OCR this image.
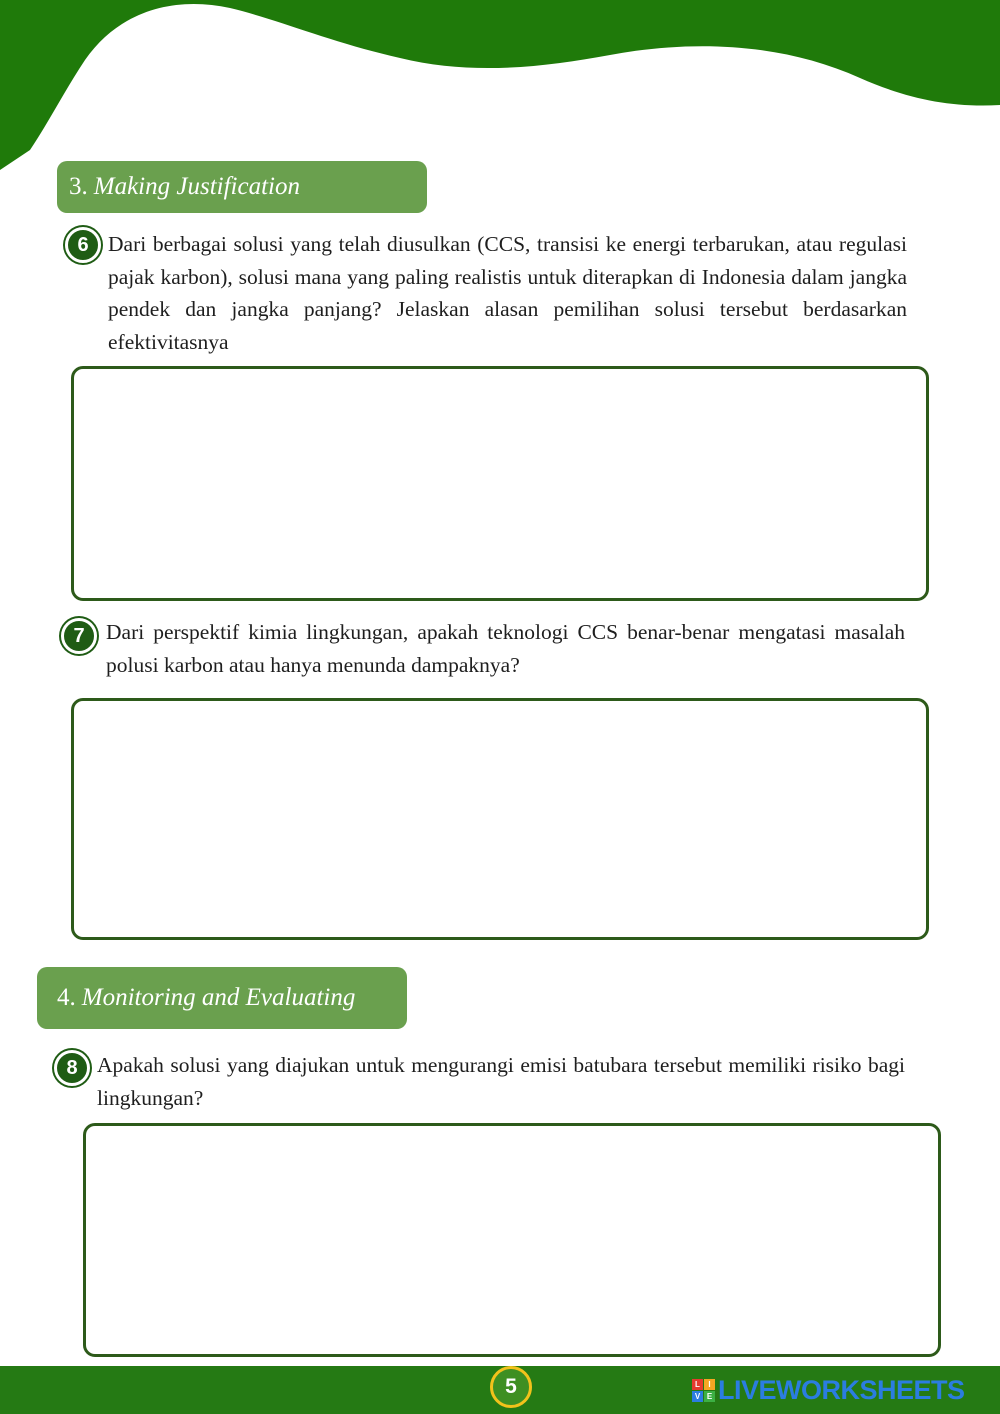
3. Making Justification
6 Dari berbagai solusi yang telah diusulkan (CCS, transisi ke energi terbarukan, atau regulasi pajak karbon), solusi mana yang paling realistis untuk diterapkan di Indonesia dalam jangka pendek dan jangka panjang? Jelaskan alasan pemilihan solusi tersebut berdasarkan efektivitasnya
7 Dari perspektif kimia lingkungan, apakah teknologi CCS benar-benar mengatasi masalah polusi karbon atau hanya menunda dampaknya?
4. Monitoring and Evaluating
8 Apakah solusi yang diajukan untuk mengurangi emisi batubara tersebut memiliki risiko bagi lingkungan?
5	L	I
V E LIVEWORKSHEETS
